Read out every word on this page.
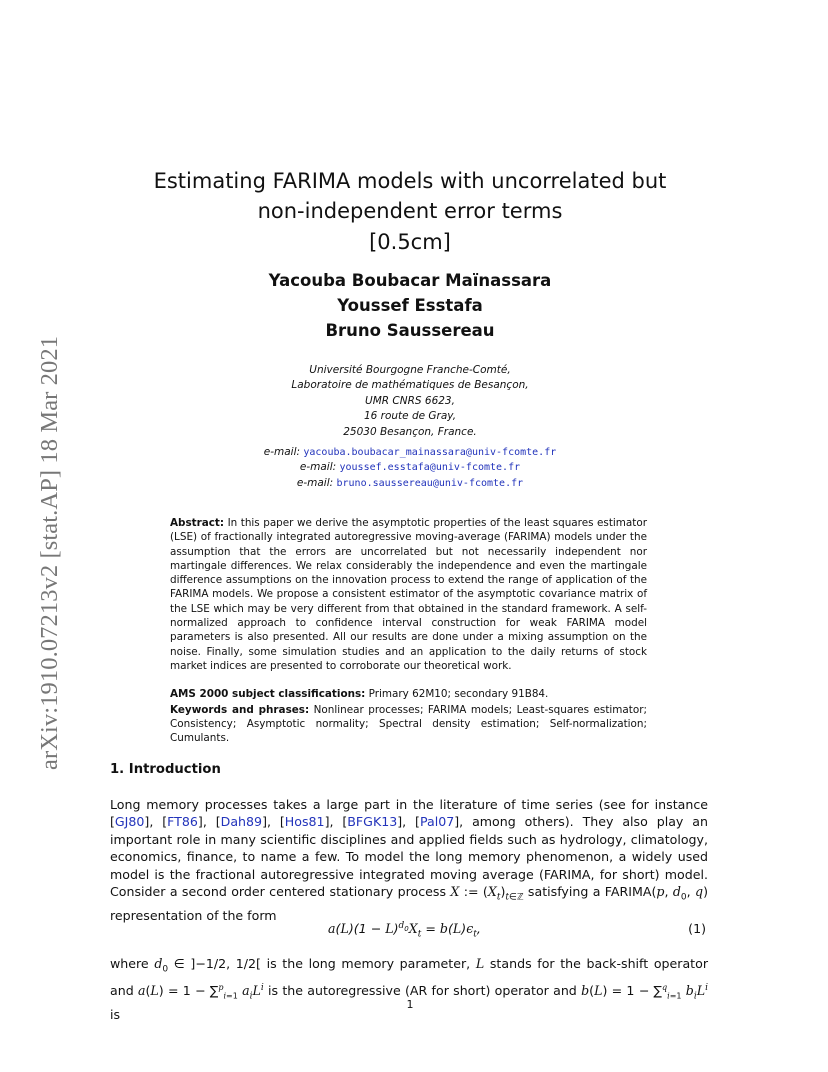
arXiv:1910.07213v2 [stat.AP] 18 Mar 2021
Estimating FARIMA models with uncorrelated but
non-independent error terms
[0.5cm]
Yacouba Boubacar Maïnassara
Youssef Esstafa
Bruno Saussereau
Université Bourgogne Franche-Comté,
Laboratoire de mathématiques de Besançon,
UMR CNRS 6623,
16 route de Gray,
25030 Besançon, France.
e-mail: yacouba.boubacar_mainassara@univ-fcomte.fr
e-mail: youssef.esstafa@univ-fcomte.fr
e-mail: bruno.saussereau@univ-fcomte.fr
Abstract: In this paper we derive the asymptotic properties of the least squares estimator (LSE) of fractionally integrated autoregressive moving-average (FARIMA) models under the assumption that the errors are uncorrelated but not necessarily independent nor martingale differences. We relax considerably the independence and even the martingale difference assumptions on the innovation process to extend the range of application of the FARIMA models. We propose a consistent estimator of the asymptotic covariance matrix of the LSE which may be very different from that obtained in the standard framework. A self-normalized approach to confidence interval construction for weak FARIMA model parameters is also presented. All our results are done under a mixing assumption on the noise. Finally, some simulation studies and an application to the daily returns of stock market indices are presented to corroborate our theoretical work.
AMS 2000 subject classifications: Primary 62M10; secondary 91B84.
Keywords and phrases: Nonlinear processes; FARIMA models; Least-squares estimator; Consistency; Asymptotic normality; Spectral density estimation; Self-normalization; Cumulants.
1. Introduction
Long memory processes takes a large part in the literature of time series (see for instance [GJ80], [FT86], [Dah89], [Hos81], [BFGK13], [Pal07], among others). They also play an important role in many scientific disciplines and applied fields such as hydrology, climatology, economics, finance, to name a few. To model the long memory phenomenon, a widely used model is the fractional autoregressive integrated moving average (FARIMA, for short) model. Consider a second order centered stationary process X := $(X_t)_{t\in ℤ}$ satisfying a FARIMA(p, $d_0$, q) representation of the form
$a(L)(1 - L)^{d_0}X_t = b(L)\epsilon_t$,	(1)
where $d_0$ ∈ ]−1/2, 1/2[ is the long memory parameter, L stands for the back-shift operator and a(L) = 1 − ∑$^p_{i=1}$ $a_iL^i$ is the autoregressive (AR for short) operator and b(L) = 1 − ∑$^q_{i=1}$ $b_iL^i$ is
1
